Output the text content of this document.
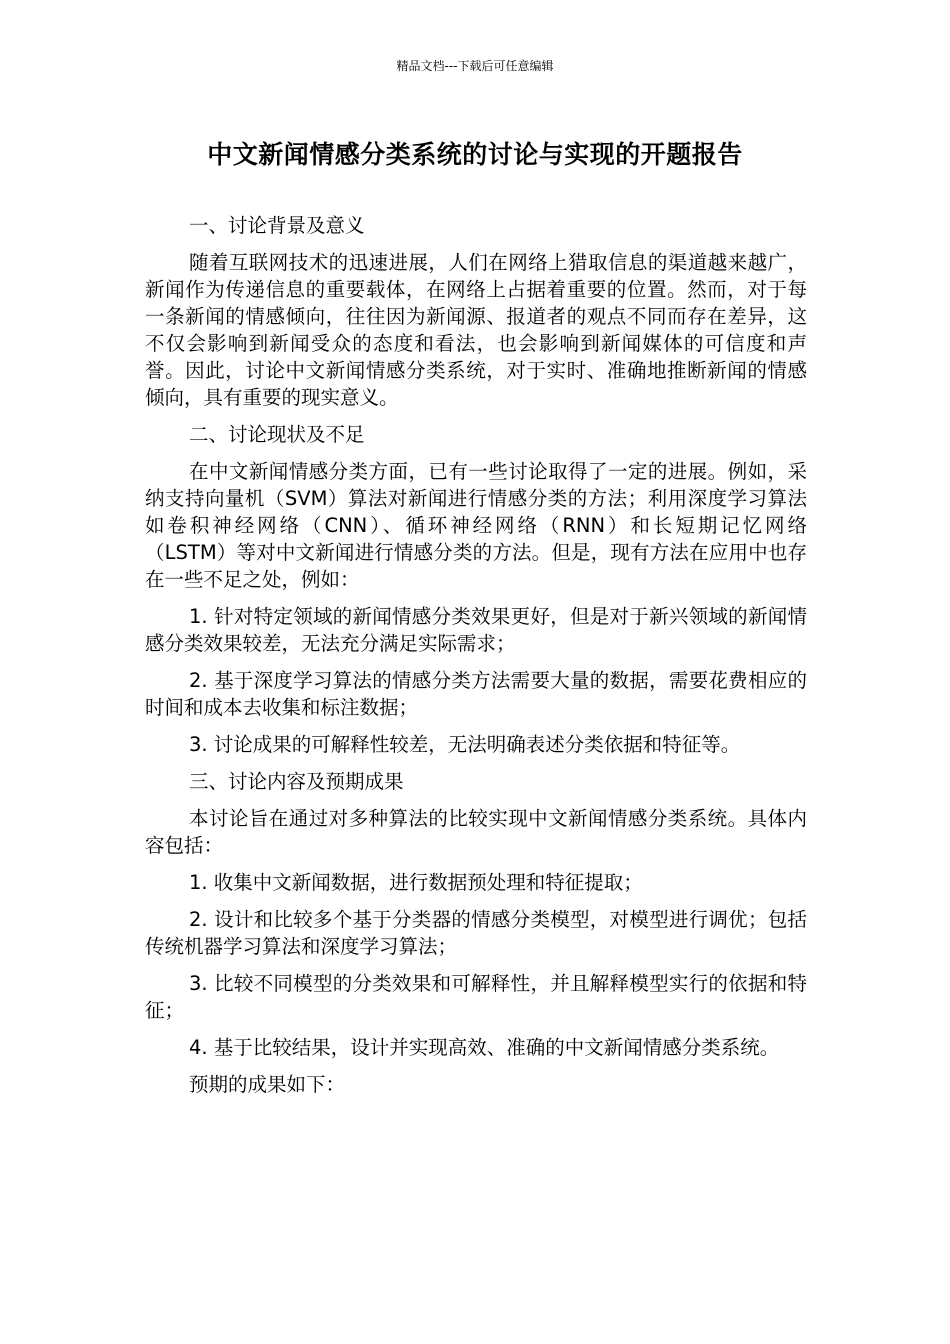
精品文档---下载后可任意编辑
中文新闻情感分类系统的讨论与实现的开题报告

一、讨论背景及意义

随着互联网技术的迅速进展，人们在网络上猎取信息的渠道越来越广，新闻作为传递信息的重要载体，在网络上占据着重要的位置。然而，对于每一条新闻的情感倾向，往往因为新闻源、报道者的观点不同而存在差异，这不仅会影响到新闻受众的态度和看法，也会影响到新闻媒体的可信度和声誉。因此，讨论中文新闻情感分类系统，对于实时、准确地推断新闻的情感倾向，具有重要的现实意义。

二、讨论现状及不足

在中文新闻情感分类方面，已有一些讨论取得了一定的进展。例如，采纳支持向量机（SVM）算法对新闻进行情感分类的方法；利用深度学习算法如卷积神经网络（CNN）、循环神经网络（RNN）和长短期记忆网络（LSTM）等对中文新闻进行情感分类的方法。但是，现有方法在应用中也存在一些不足之处，例如：

1. 针对特定领域的新闻情感分类效果更好，但是对于新兴领域的新闻情感分类效果较差，无法充分满足实际需求；

2. 基于深度学习算法的情感分类方法需要大量的数据，需要花费相应的时间和成本去收集和标注数据；

3. 讨论成果的可解释性较差，无法明确表述分类依据和特征等。

三、讨论内容及预期成果

本讨论旨在通过对多种算法的比较实现中文新闻情感分类系统。具体内容包括：

1. 收集中文新闻数据，进行数据预处理和特征提取；

2. 设计和比较多个基于分类器的情感分类模型，对模型进行调优；包括传统机器学习算法和深度学习算法；

3. 比较不同模型的分类效果和可解释性，并且解释模型实行的依据和特征；

4. 基于比较结果，设计并实现高效、准确的中文新闻情感分类系统。

预期的成果如下：
